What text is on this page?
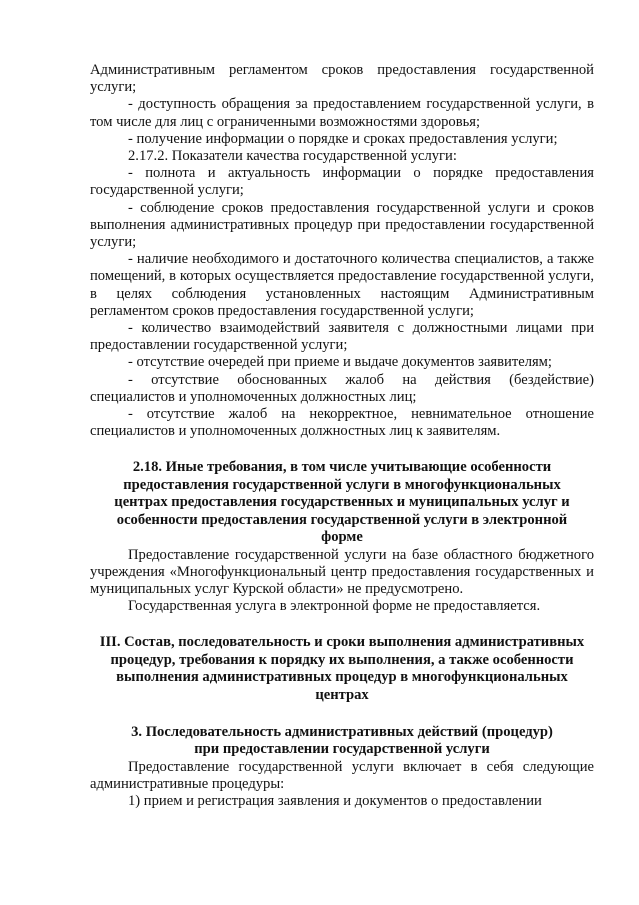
Административным регламентом сроков предоставления государственной услуги;

- доступность обращения за предоставлением государственной услуги, в том числе для лиц с ограниченными возможностями здоровья;

- получение информации о порядке и сроках предоставления услуги;

2.17.2. Показатели качества государственной услуги:

- полнота и актуальность информации о порядке предоставления государственной услуги;

- соблюдение сроков предоставления государственной услуги и сроков выполнения административных процедур при предоставлении государственной услуги;

- наличие необходимого и достаточного количества специалистов, а также помещений, в которых осуществляется предоставление государственной услуги, в целях соблюдения установленных настоящим Административным регламентом сроков предоставления государственной услуги;

- количество взаимодействий заявителя с должностными лицами при предоставлении государственной услуги;

- отсутствие очередей при приеме и выдаче документов заявителям;

- отсутствие обоснованных жалоб на действия (бездействие) специалистов и уполномоченных должностных лиц;

- отсутствие жалоб на некорректное, невнимательное отношение специалистов и уполномоченных должностных лиц к заявителям.

2.18. Иные требования, в том числе учитывающие особенности

предоставления государственной услуги в многофункциональных

центрах предоставления государственных и муниципальных услуг и

особенности предоставления государственной услуги в электронной

форме

Предоставление государственной услуги на базе областного бюджетного учреждения «Многофункциональный центр предоставления государственных и муниципальных услуг Курской области» не предусмотрено.

Государственная услуга в электронной форме не предоставляется.

III. Состав, последовательность и сроки выполнения административных

процедур, требования к порядку их выполнения, а также особенности

выполнения административных процедур в многофункциональных

центрах

3. Последовательность административных действий (процедур)

при предоставлении государственной услуги

Предоставление государственной услуги включает в себя следующие административные процедуры:

1) прием и регистрация заявления и документов о предоставлении
